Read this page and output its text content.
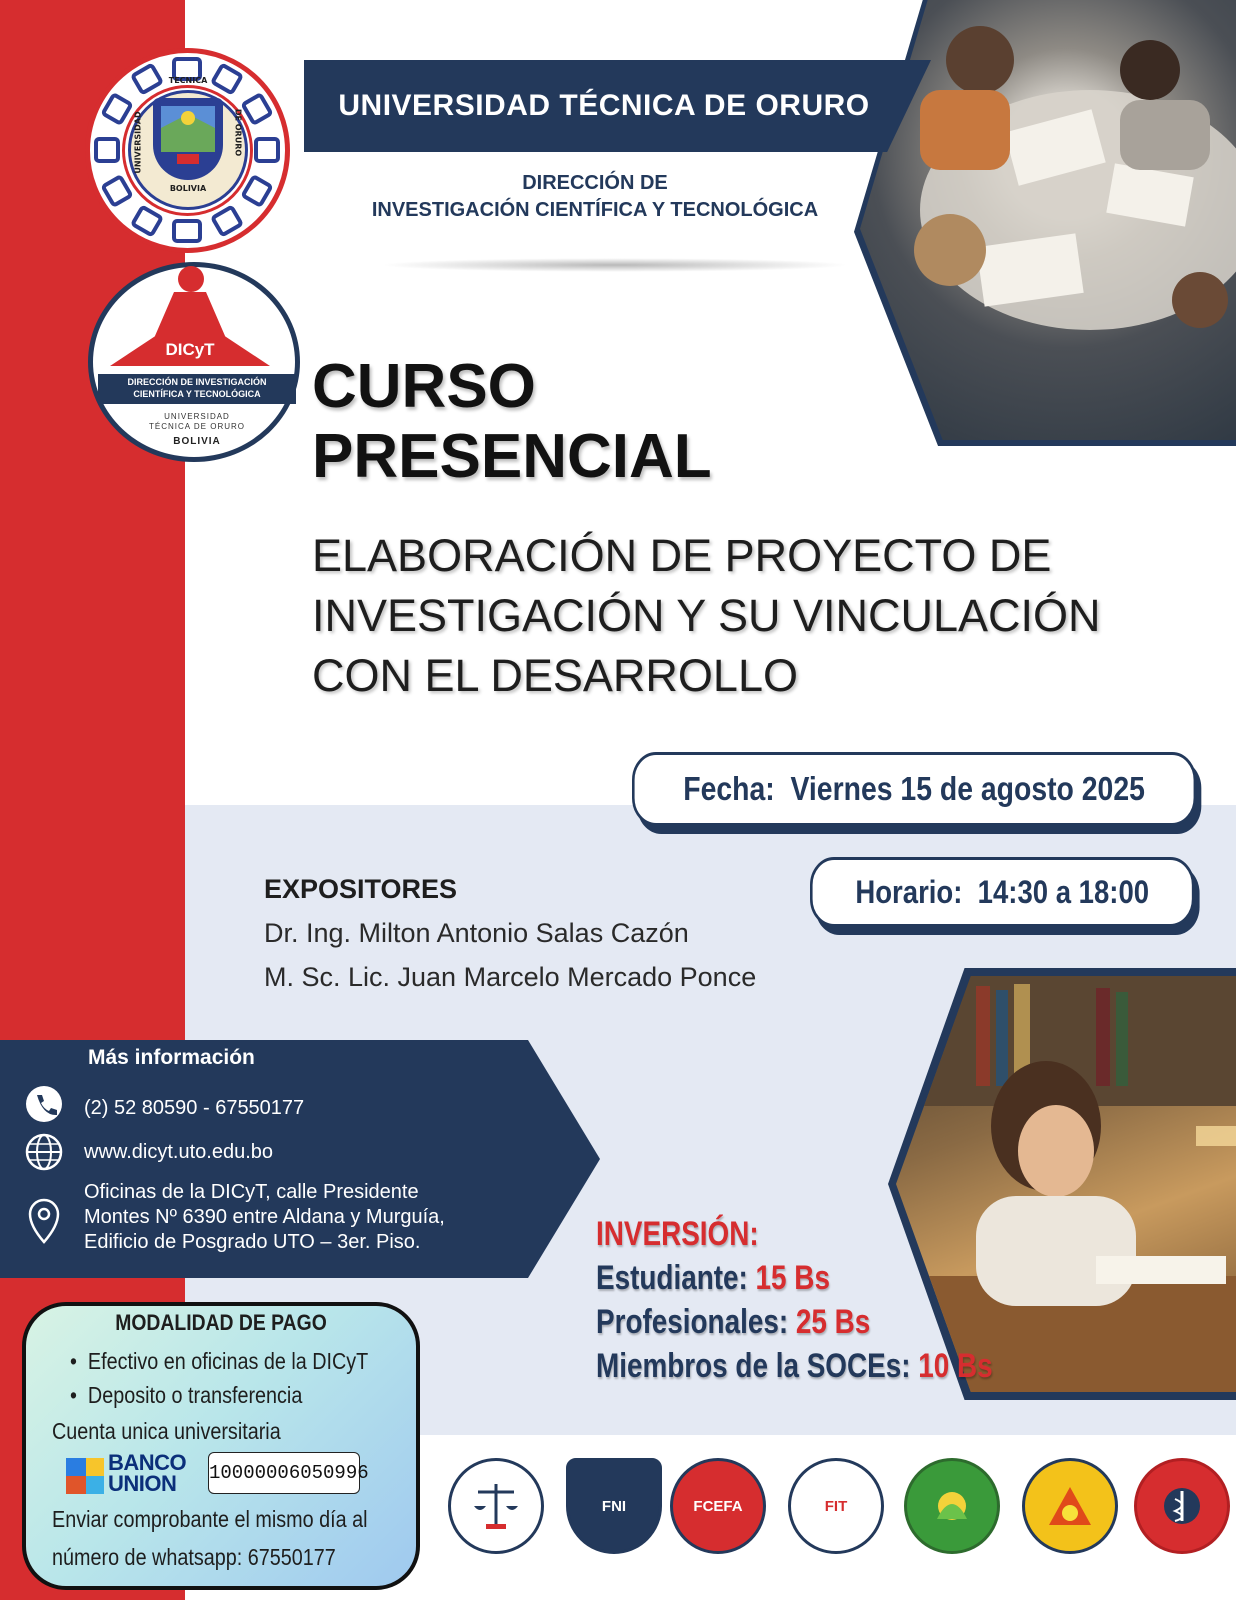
TECNICA
BOLIVIA
UNIVERSIDAD	DE ORURO
UNIVERSIDAD TÉCNICA DE ORURO
DIRECCIÓN DE
INVESTIGACIÓN CIENTÍFICA Y TECNOLÓGICA
DICyT
DIRECCIÓN DE INVESTIGACIÓN
CIENTÍFICA Y TECNOLÓGICA
UNIVERSIDAD
TÉCNICA DE ORURO
BOLIVIA
CURSO
PRESENCIAL
ELABORACIÓN DE PROYECTO DE
INVESTIGACIÓN Y SU VINCULACIÓN
CON EL DESARROLLO
Fecha: Viernes 15 de agosto 2025
Horario: 14:30 a 18:00
EXPOSITORES
Dr. Ing. Milton Antonio Salas Cazón
M. Sc. Lic. Juan Marcelo Mercado Ponce
Más información
(2) 52 80590 - 67550177
www.dicyt.uto.edu.bo
Oficinas de la DICyT, calle Presidente
Montes Nº 6390 entre Aldana y Murguía,
Edificio de Posgrado UTO – 3er. Piso.
MODALIDAD DE PAGO
•  Efectivo en oficinas de la DICyT
•  Deposito o transferencia
Cuenta unica universitaria
BANCO
UNION	10000006050996
Enviar comprobante el mismo día al
número de whatsapp: 67550177
INVERSIÓN:
Estudiante: 15 Bs
Profesionales: 25 Bs
Miembros de la SOCEs: 10 Bs
FNI	FCEFA	FIT
